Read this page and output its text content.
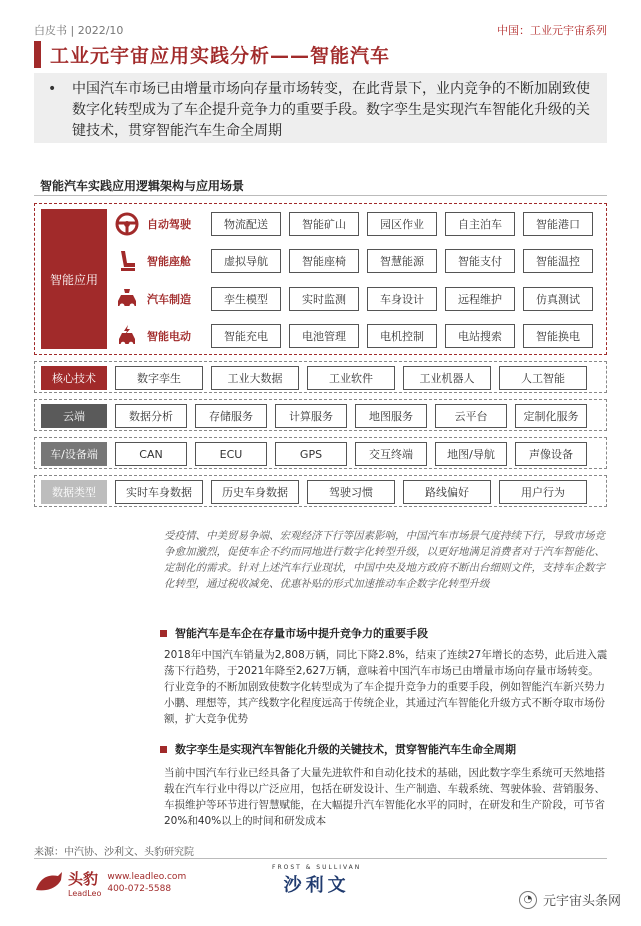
白皮书 | 2022/10	中国：工业元宇宙系列
工业元宇宙应用实践分析——智能汽车
• 中国汽车市场已由增量市场向存量市场转变，在此背景下，业内竞争的不断加剧致使数字化转型成为了车企提升竞争力的重要手段。数字孪生是实现汽车智能化升级的关键技术，贯穿智能汽车生命全周期
智能汽车实践应用逻辑架构与应用场景
智能应用
自动驾驶	物流配送	智能矿山	园区作业	自主泊车	智能港口
智能座舱	虚拟导航	智能座椅	智慧能源	智能支付	智能温控
汽车制造	孪生模型	实时监测	车身设计	远程维护	仿真测试
智能电动	智能充电	电池管理	电机控制	电站搜索	智能换电
核心技术	数字孪生	工业大数据	工业软件	工业机器人	人工智能
云端	数据分析	存储服务	计算服务	地图服务	云平台	定制化服务
车/设备端	CAN	ECU	GPS	交互终端	地图/导航	声像设备
数据类型	实时车身数据	历史车身数据	驾驶习惯	路线偏好	用户行为
受疫情、中美贸易争端、宏观经济下行等因素影响，中国汽车市场景气度持续下行，导致市场竞争愈加激烈，促使车企不约而同地进行数字化转型升级，以更好地满足消费者对于汽车智能化、定制化的需求。针对上述汽车行业现状，中国中央及地方政府不断出台细则文件，支持车企数字化转型，通过税收减免、优惠补贴的形式加速推动车企数字化转型升级
智能汽车是车企在存量市场中提升竞争力的重要手段
2018年中国汽车销量为2,808万辆，同比下降2.8%，结束了连续27年增长的态势，此后进入震荡下行趋势，于2021年降至2,627万辆，意味着中国汽车市场已由增量市场向存量市场转变。行业竞争的不断加剧致使数字化转型成为了车企提升竞争力的重要手段，例如智能汽车新兴势力小鹏、理想等，其产线数字化程度远高于传统企业，其通过汽车智能化升级方式不断夺取市场份额，扩大竞争优势
数字孪生是实现汽车智能化升级的关键技术，贯穿智能汽车生命全周期
当前中国汽车行业已经具备了大量先进软件和自动化技术的基础，因此数字孪生系统可天然地搭载在汽车行业中得以广泛应用，包括在研发设计、生产制造、车载系统、驾驶体验、营销服务、车损维护等环节进行智慧赋能，在大幅提升汽车智能化水平的同时，在研发和生产阶段，可节省20%和40%以上的时间和研发成本
来源：中汽协、沙利文、头豹研究院
头豹
LeadLeo
www.leadleo.com
400-072-5588
FROST & SULLIVAN
沙利文
◔ 元宇宙头条网
